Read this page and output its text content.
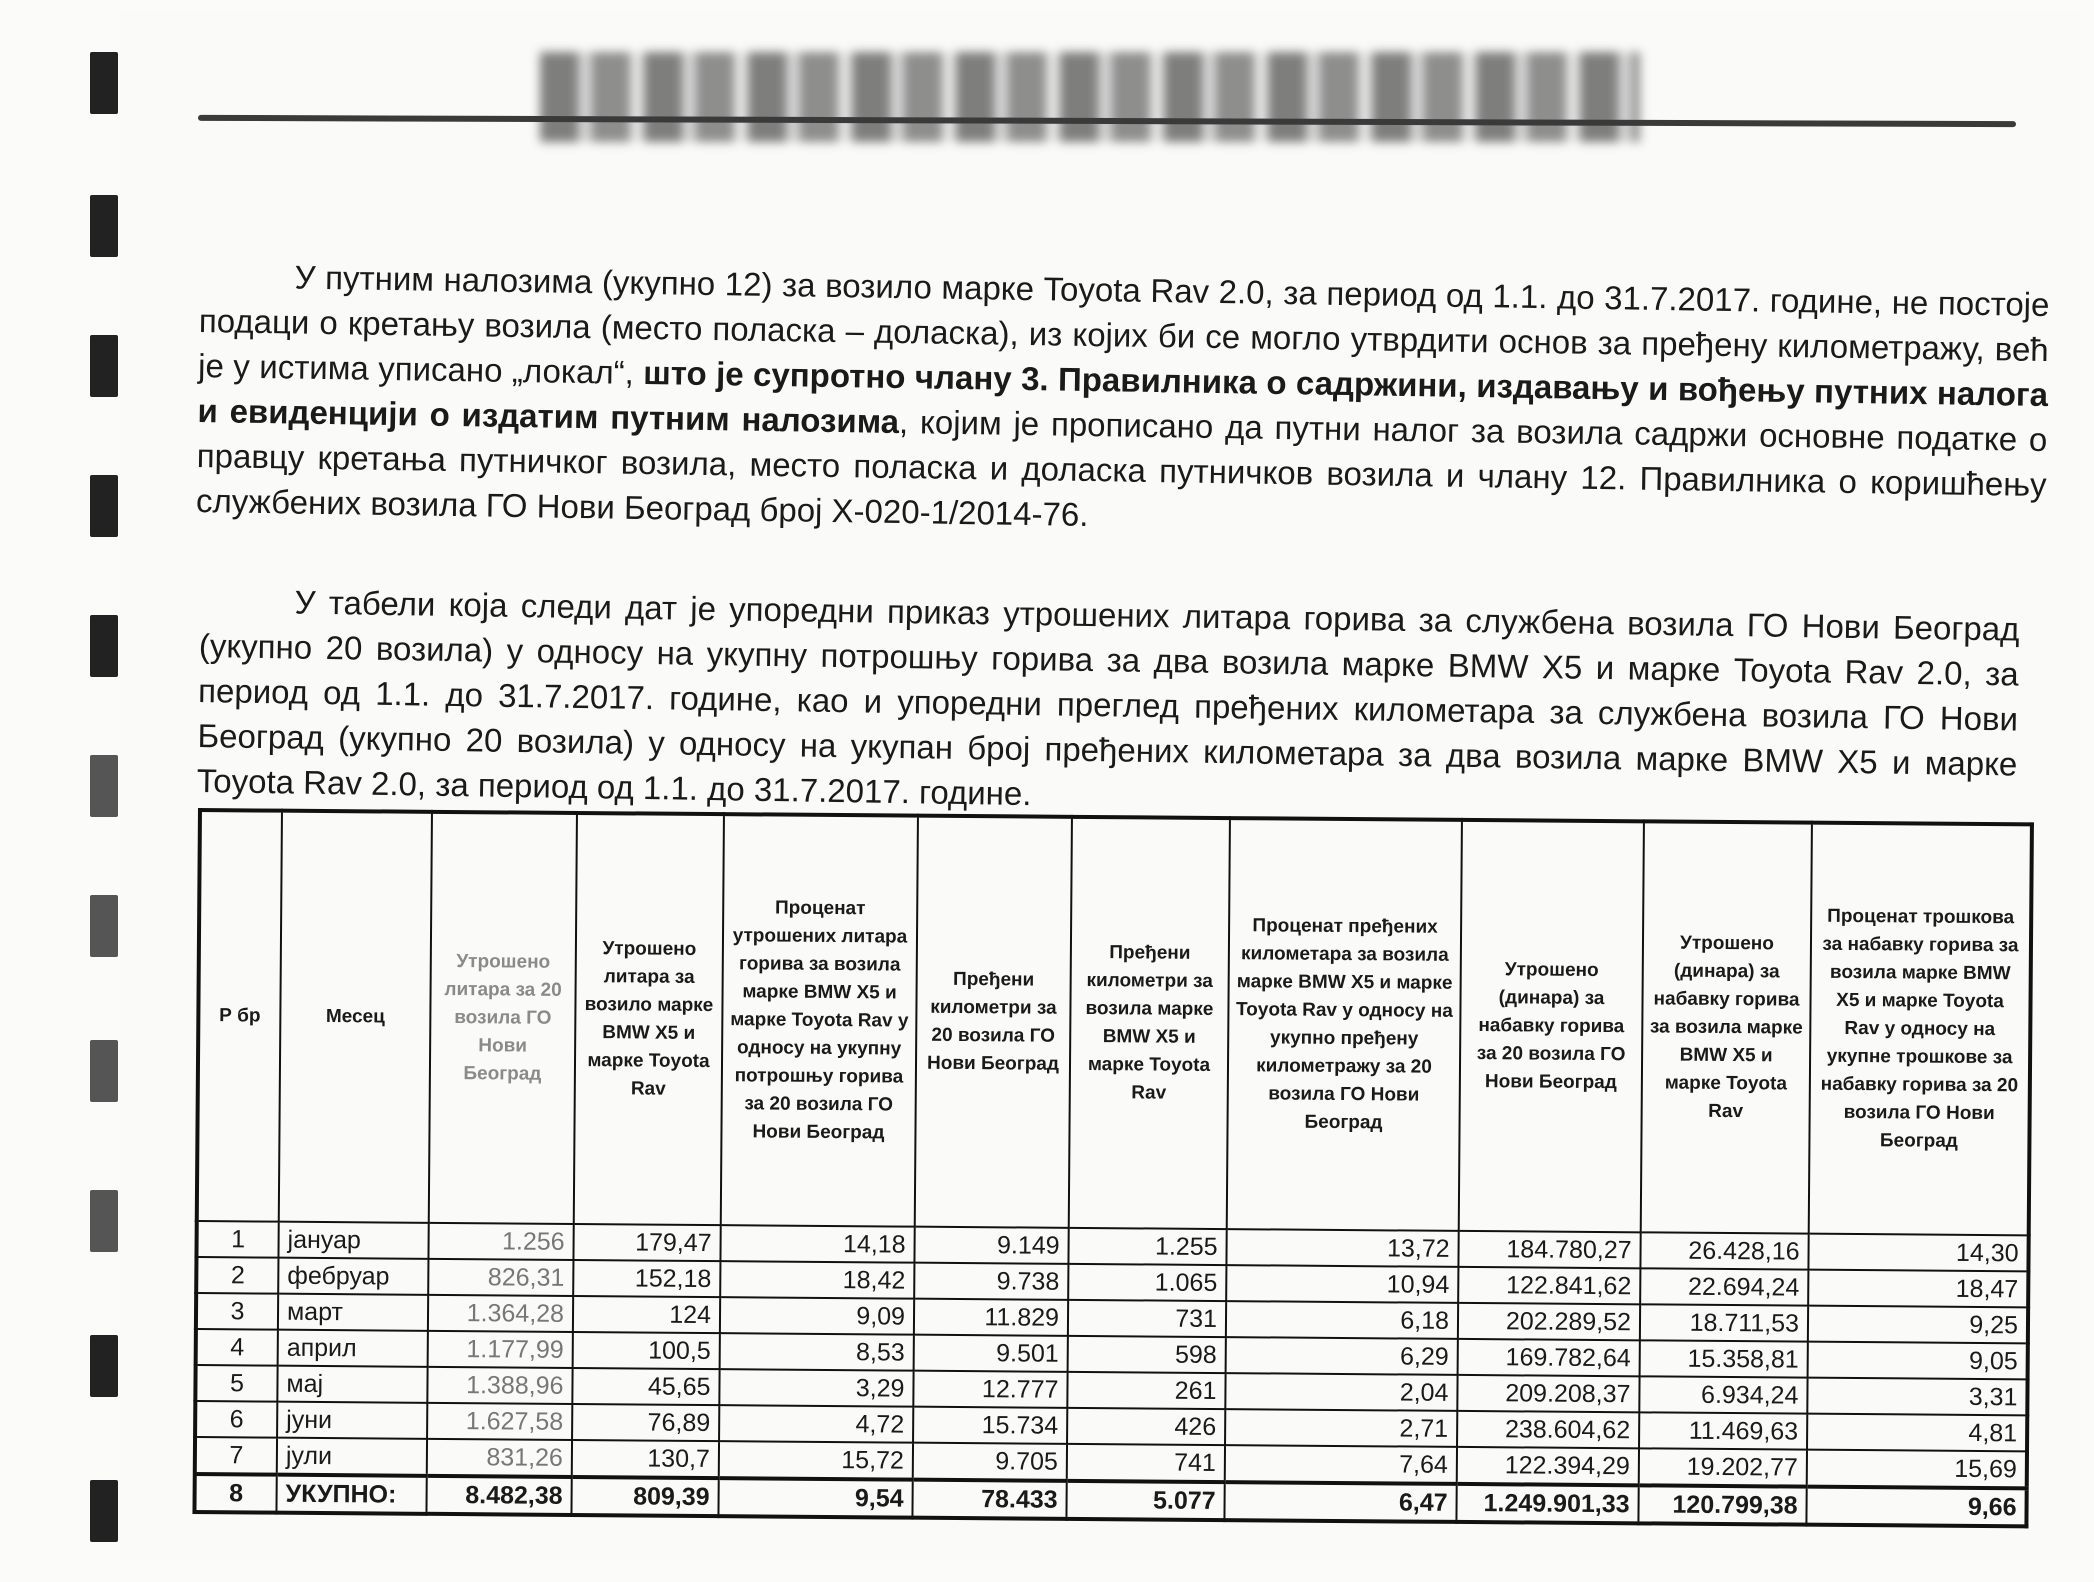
У путним налозима (укупно 12) за возило марке Toyota Rav 2.0, за период од 1.1. до 31.7.2017. године, не постоје подаци о кретању возила (место поласка – доласка), из којих би се могло утврдити основ за пређену километражу, већ је у истима уписано „локал“, што је супротно члану 3. Правилника о садржини, издавању и вођењу путних налога и евиденцији о издатим путним налозима, којим је прописано да путни налог за возила садржи основне податке о правцу кретања путничког возила, место поласка и доласка путничков возила и члану 12. Правилника о коришћењу службених возила ГО Нови Београд број Х-020-1/2014-76.

У табели која следи дат је упоредни приказ утрошених литара горива за службена возила ГО Нови Београд (укупно 20 возила) у односу на укупну потрошњу горива за два возила марке BMW X5 и марке Toyota Rav 2.0, за период од 1.1. до 31.7.2017. године, као и упоредни преглед пређених километара за службена возила ГО Нови Београд (укупно 20 возила) у односу на укупан број пређених километара за два возила марке BMW X5 и марке Toyota Rav 2.0, за период од 1.1. до 31.7.2017. године.

Р бр	Месец	Утрошено литара за 20 возила ГО Нови Београд	Утрошено литара за возило марке BMW X5 и марке Toyota Rav	Проценат утрошених литара горива за возила марке BMW X5 и марке Toyota Rav у односу на укупну потрошњу горива за 20 возила ГО Нови Београд	Пређени километри за 20 возила ГО Нови Београд	Пређени километри за возила марке BMW X5 и марке Toyota Rav	Проценат пређених километара за возила марке BMW X5 и марке Toyota Rav у односу на укупно пређену километражу за 20 возила ГО Нови Београд	Утрошено (динара) за набавку горива за 20 возила ГО Нови Београд	Утрошено (динара) за набавку горива за возила марке BMW X5 и марке Toyota Rav	Проценат трошкова за набавку горива за возила марке BMW X5 и марке Toyota Rav у односу на укупне трошкове за набавку горива за 20 возила ГО Нови Београд
1	јануар	1.256	179,47	14,18	9.149	1.255	13,72	184.780,27	26.428,16	14,30
2	фебруар	826,31	152,18	18,42	9.738	1.065	10,94	122.841,62	22.694,24	18,47
3	март	1.364,28	124	9,09	11.829	731	6,18	202.289,52	18.711,53	9,25
4	април	1.177,99	100,5	8,53	9.501	598	6,29	169.782,64	15.358,81	9,05
5	мај	1.388,96	45,65	3,29	12.777	261	2,04	209.208,37	6.934,24	3,31
6	јуни	1.627,58	76,89	4,72	15.734	426	2,71	238.604,62	11.469,63	4,81
7	јули	831,26	130,7	15,72	9.705	741	7,64	122.394,29	19.202,77	15,69
8	УКУПНО:	8.482,38	809,39	9,54	78.433	5.077	6,47	1.249.901,33	120.799,38	9,66
